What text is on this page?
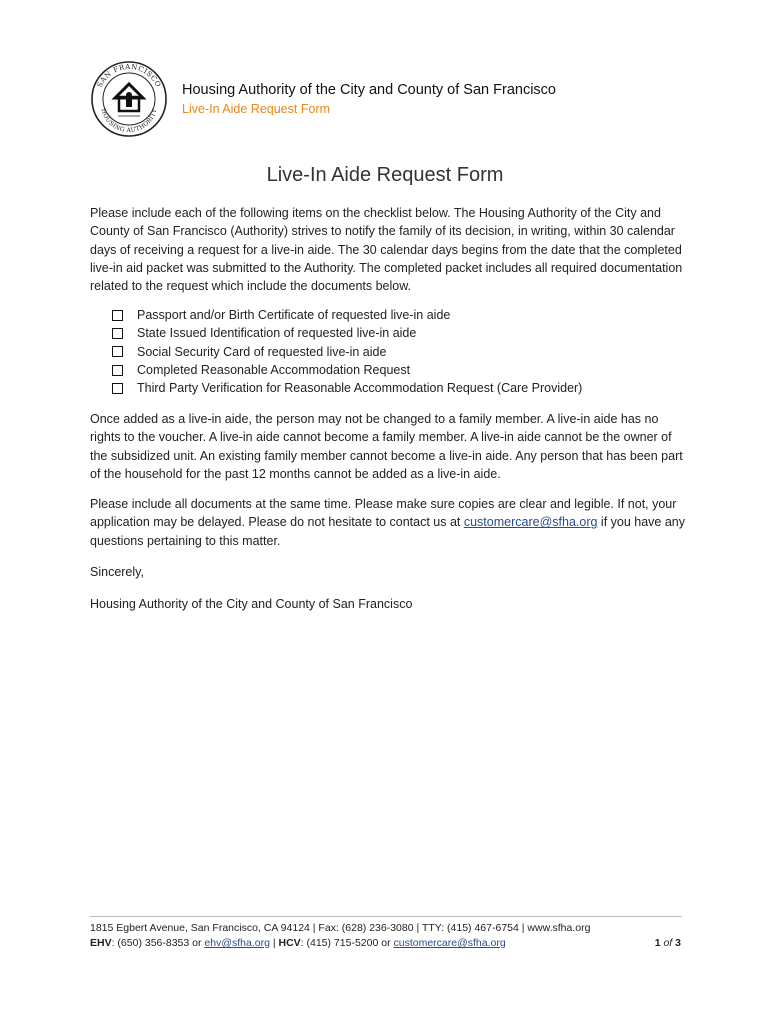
SAN FRANCISCO
HOUSING AUTHORITY
Housing Authority of the City and County of San Francisco
Live-In Aide Request Form
Live-In Aide Request Form

Please include each of the following items on the checklist below. The Housing Authority of the City and County of San Francisco (Authority) strives to notify the family of its decision, in writing, within 30 calendar days of receiving a request for a live-in aide. The 30 calendar days begins from the date that the completed live-in aid packet was submitted to the Authority. The completed packet includes all required documentation related to the request which include the documents below.

Passport and/or Birth Certificate of requested live-in aide
State Issued Identification of requested live-in aide
Social Security Card of requested live-in aide
Completed Reasonable Accommodation Request
Third Party Verification for Reasonable Accommodation Request (Care Provider)

Once added as a live-in aide, the person may not be changed to a family member. A live-in aide has no rights to the voucher. A live-in aide cannot become a family member. A live-in aide cannot be the owner of the subsidized unit. An existing family member cannot become a live-in aide. Any person that has been part of the household for the past 12 months cannot be added as a live-in aide.

Please include all documents at the same time. Please make sure copies are clear and legible. If not, your application may be delayed. Please do not hesitate to contact us at customercare@sfha.org if you have any questions pertaining to this matter.

Sincerely,

Housing Authority of the City and County of San Francisco

1815 Egbert Avenue, San Francisco, CA 94124 | Fax: (628) 236-3080 | TTY: (415) 467-6754 | www.sfha.org
EHV: (650) 356-8353 or ehv@sfha.org | HCV: (415) 715-5200 or customercare@sfha.org	1 of 3
